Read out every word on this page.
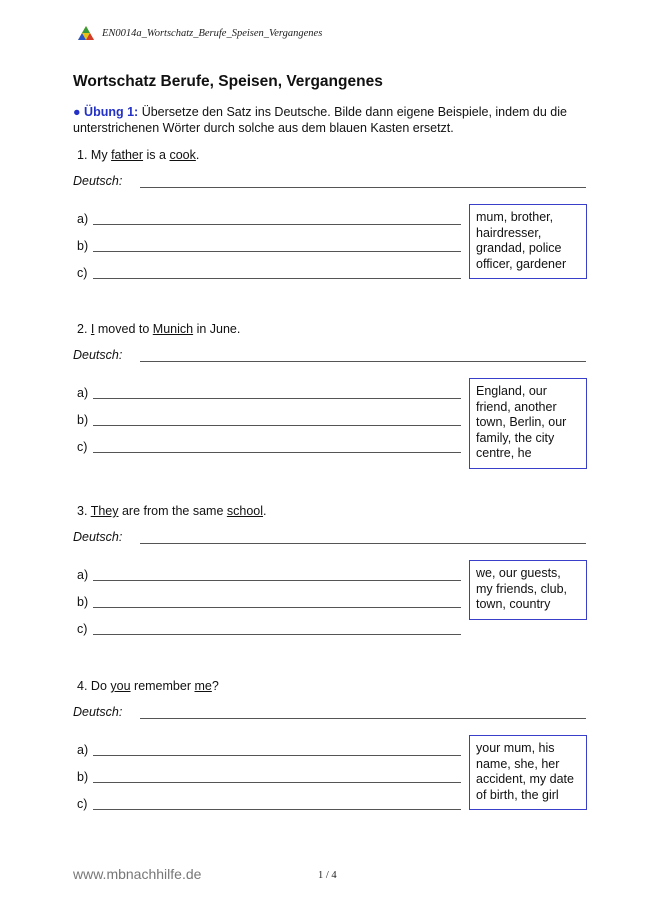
EN0014a_Wortschatz_Berufe_Speisen_Vergangenes
Wortschatz Berufe, Speisen, Vergangenes
● Übung 1: Übersetze den Satz ins Deutsche. Bilde dann eigene Beispiele, indem du die unterstrichenen Wörter durch solche aus dem blauen Kasten ersetzt.
1. My father is a cook.
Deutsch:
a)
b)
c)
mum, brother, hairdresser, grandad, police officer, gardener
2. I moved to Munich in June.
Deutsch:
a)
b)
c)
England, our friend, another town, Berlin, our family, the city centre, he
3. They are from the same school.
Deutsch:
a)
b)
c)
we, our guests, my friends, club, town, country
4. Do you remember me?
Deutsch:
a)
b)
c)
your mum, his name, she, her accident, my date of birth, the girl
www.mbnachhilfe.de	1 / 4
